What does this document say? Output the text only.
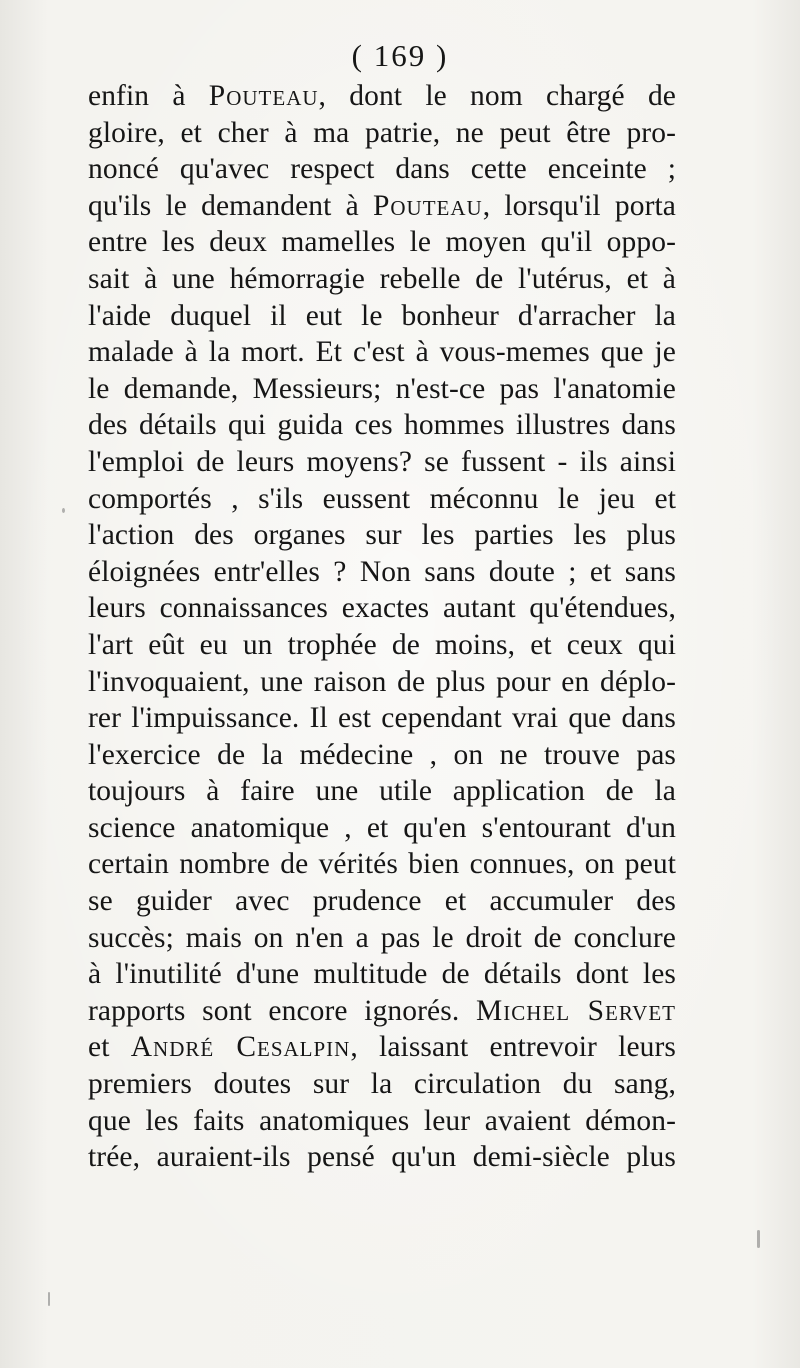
( 169 )
enfin à Pouteau, dont le nom chargé de
gloire, et cher à ma patrie, ne peut être pro-
noncé qu'avec respect dans cette enceinte ;
qu'ils le demandent à Pouteau, lorsqu'il porta
entre les deux mamelles le moyen qu'il oppo-
sait à une hémorragie rebelle de l'utérus, et à
l'aide duquel il eut le bonheur d'arracher la
malade à la mort. Et c'est à vous-memes que je
le demande, Messieurs; n'est-ce pas l'anatomie
des détails qui guida ces hommes illustres dans
l'emploi de leurs moyens? se fussent - ils ainsi
comportés , s'ils eussent méconnu le jeu et
l'action des organes sur les parties les plus
éloignées entr'elles ? Non sans doute ; et sans
leurs connaissances exactes autant qu'étendues,
l'art eût eu un trophée de moins, et ceux qui
l'invoquaient, une raison de plus pour en déplo-
rer l'impuissance. Il est cependant vrai que dans
l'exercice de la médecine , on ne trouve pas
toujours à faire une utile application de la
science anatomique , et qu'en s'entourant d'un
certain nombre de vérités bien connues, on peut
se guider avec prudence et accumuler des
succès; mais on n'en a pas le droit de conclure
à l'inutilité d'une multitude de détails dont les
rapports sont encore ignorés. Michel Servet
et André Cesalpin, laissant entrevoir leurs
premiers doutes sur la circulation du sang,
que les faits anatomiques leur avaient démon-
trée, auraient-ils pensé qu'un demi-siècle plus
